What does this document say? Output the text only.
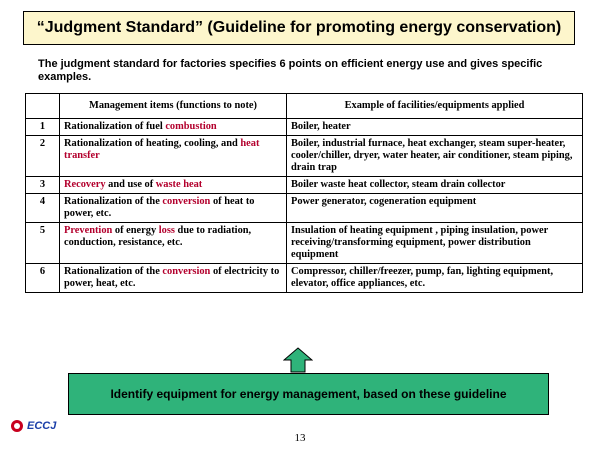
“Judgment Standard” (Guideline for promoting energy conservation)
The judgment standard for factories specifies 6 points on efficient energy use and gives specific examples.
	Management items (functions to note)	Example of facilities/equipments applied
1	Rationalization of fuel combustion	Boiler, heater
2	Rationalization of heating, cooling, and heat transfer	Boiler, industrial furnace, heat exchanger, steam super-heater, cooler/chiller, dryer, water heater, air conditioner, steam piping, drain trap
3	Recovery and use of waste heat	Boiler waste heat collector, steam drain collector
4	Rationalization of the conversion of heat to power, etc.	Power generator, cogeneration equipment
5	Prevention of energy loss due to radiation, conduction, resistance, etc.	Insulation of heating equipment , piping insulation, power receiving/transforming equipment, power distribution equipment
6	Rationalization of the conversion of electricity to power, heat, etc.	Compressor, chiller/freezer, pump, fan, lighting equipment, elevator, office appliances, etc.
Identify equipment for energy management, based on these guideline
ECCJ
13
